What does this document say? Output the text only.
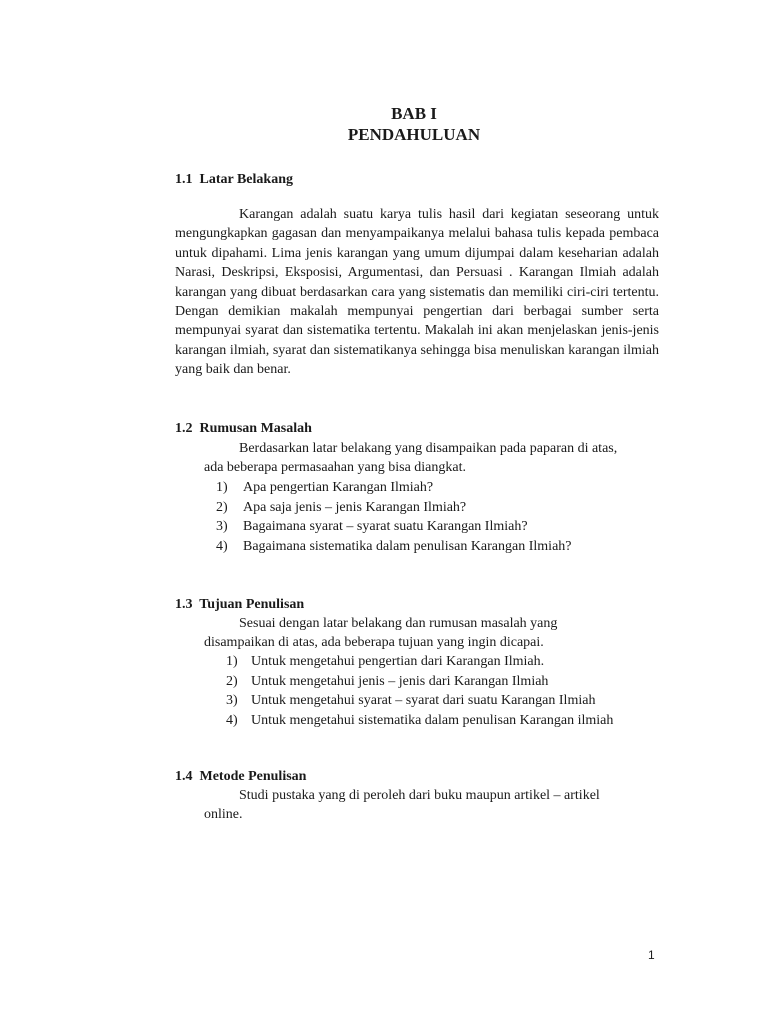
BAB I
PENDAHULUAN
1.1  Latar Belakang
Karangan adalah suatu karya tulis hasil dari kegiatan seseorang untuk mengungkapkan gagasan dan menyampaikanya melalui bahasa tulis kepada pembaca untuk dipahami. Lima jenis karangan yang umum dijumpai dalam keseharian adalah Narasi, Deskripsi, Eksposisi, Argumentasi, dan Persuasi . Karangan Ilmiah adalah karangan yang dibuat berdasarkan cara yang sistematis dan memiliki ciri-ciri tertentu. Dengan demikian makalah mempunyai pengertian dari berbagai sumber serta mempunyai syarat dan sistematika tertentu. Makalah ini akan menjelaskan jenis-jenis karangan ilmiah, syarat dan sistematikanya sehingga bisa menuliskan karangan ilmiah yang baik dan benar.
1.2  Rumusan Masalah
Berdasarkan latar belakang yang disampaikan pada paparan di atas,
ada beberapa permasaahan yang bisa diangkat.
1) Apa pengertian Karangan Ilmiah?
2) Apa saja jenis – jenis Karangan Ilmiah?
3) Bagaimana syarat – syarat suatu Karangan Ilmiah?
4) Bagaimana sistematika dalam penulisan Karangan Ilmiah?
1.3  Tujuan Penulisan
Sesuai dengan latar belakang dan rumusan masalah yang
disampaikan di atas, ada beberapa tujuan yang ingin dicapai.
1) Untuk mengetahui pengertian dari Karangan Ilmiah.
2) Untuk mengetahui jenis – jenis dari Karangan Ilmiah
3) Untuk mengetahui syarat – syarat dari suatu Karangan Ilmiah
4) Untuk mengetahui sistematika dalam penulisan Karangan ilmiah
1.4  Metode Penulisan
Studi pustaka yang di peroleh dari buku maupun artikel – artikel
online.
1
